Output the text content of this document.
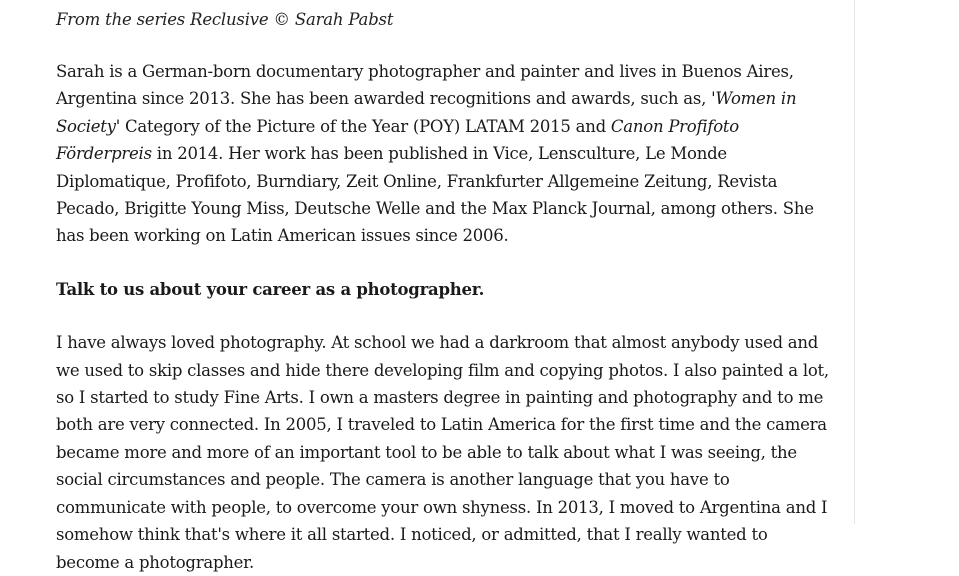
From the series Reclusive © Sarah Pabst

Sarah is a German-born documentary photographer and painter and lives in Buenos Aires, Argentina since 2013. She has been awarded recognitions and awards, such as, 'Women in Society' Category of the Picture of the Year (POY) LATAM 2015 and Canon Profifoto Förderpreis in 2014. Her work has been published in Vice, Lensculture, Le Monde Diplomatique, Profifoto, Burndiary, Zeit Online, Frankfurter Allgemeine Zeitung, Revista Pecado, Brigitte Young Miss, Deutsche Welle and the Max Planck Journal, among others. She has been working on Latin American issues since 2006.

Talk to us about your career as a photographer.

I have always loved photography. At school we had a darkroom that almost anybody used and we used to skip classes and hide there developing film and copying photos. I also painted a lot, so I started to study Fine Arts. I own a masters degree in painting and photography and to me both are very connected. In 2005, I traveled to Latin America for the first time and the camera became more and more of an important tool to be able to talk about what I was seeing, the social circumstances and people. The camera is another language that you have to communicate with people, to overcome your own shyness. In 2013, I moved to Argentina and I somehow think that's where it all started. I noticed, or admitted, that I really wanted to become a photographer.
